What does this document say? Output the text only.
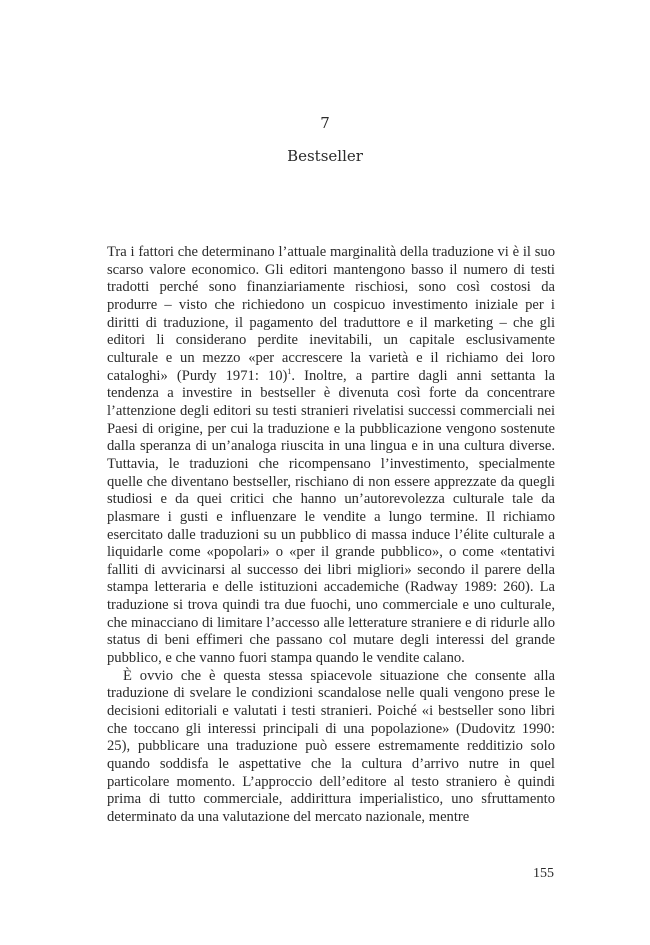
7
Bestseller

Tra i fattori che determinano l’attuale marginalità della traduzione vi è il suo scarso valore economico. Gli editori mantengono basso il numero di testi tradotti perché sono finanziariamente rischiosi, sono così costosi da produrre – visto che richiedono un cospicuo investimento iniziale per i diritti di traduzione, il pagamento del traduttore e il marketing – che gli editori li considerano perdite inevitabili, un capitale esclusivamente culturale e un mezzo «per accrescere la varietà e il richiamo dei loro cataloghi» (Purdy 1971: 10)$^1$. Inoltre, a partire dagli anni settanta la tendenza a investire in bestseller è divenuta così forte da concentrare l’attenzione degli editori su testi stranieri rivelatisi successi commerciali nei Paesi di origine, per cui la traduzione e la pubblicazione vengono sostenute dalla speranza di un’analoga riuscita in una lingua e in una cultura diverse. Tuttavia, le traduzioni che ricompensano l’investimento, specialmente quelle che diventano bestseller, rischiano di non essere apprezzate da quegli studiosi e da quei critici che hanno un’autorevolezza culturale tale da plasmare i gusti e influenzare le vendite a lungo termine. Il richiamo esercitato dalle traduzioni su un pubblico di massa induce l’élite culturale a liquidarle come «popolari» o «per il grande pubblico», o come «tentativi falliti di avvicinarsi al successo dei libri migliori» secondo il parere della stampa letteraria e delle istituzioni accademiche (Radway 1989: 260). La traduzione si trova quindi tra due fuochi, uno commerciale e uno culturale, che minacciano di limitare l’accesso alle letterature straniere e di ridurle allo status di beni effimeri che passano col mutare degli interessi del grande pubblico, e che vanno fuori stampa quando le vendite calano.

È ovvio che è questa stessa spiacevole situazione che consente alla traduzione di svelare le condizioni scandalose nelle quali vengono prese le decisioni editoriali e valutati i testi stranieri. Poiché «i bestseller sono libri che toccano gli interessi principali di una popolazione» (Dudovitz 1990: 25), pubblicare una traduzione può essere estremamente redditizio solo quando soddisfa le aspettative che la cultura d’arrivo nutre in quel particolare momento. L’approccio dell’editore al testo straniero è quindi prima di tutto commerciale, addirittura imperialistico, uno sfruttamento determinato da una valutazione del mercato nazionale, mentre

155
